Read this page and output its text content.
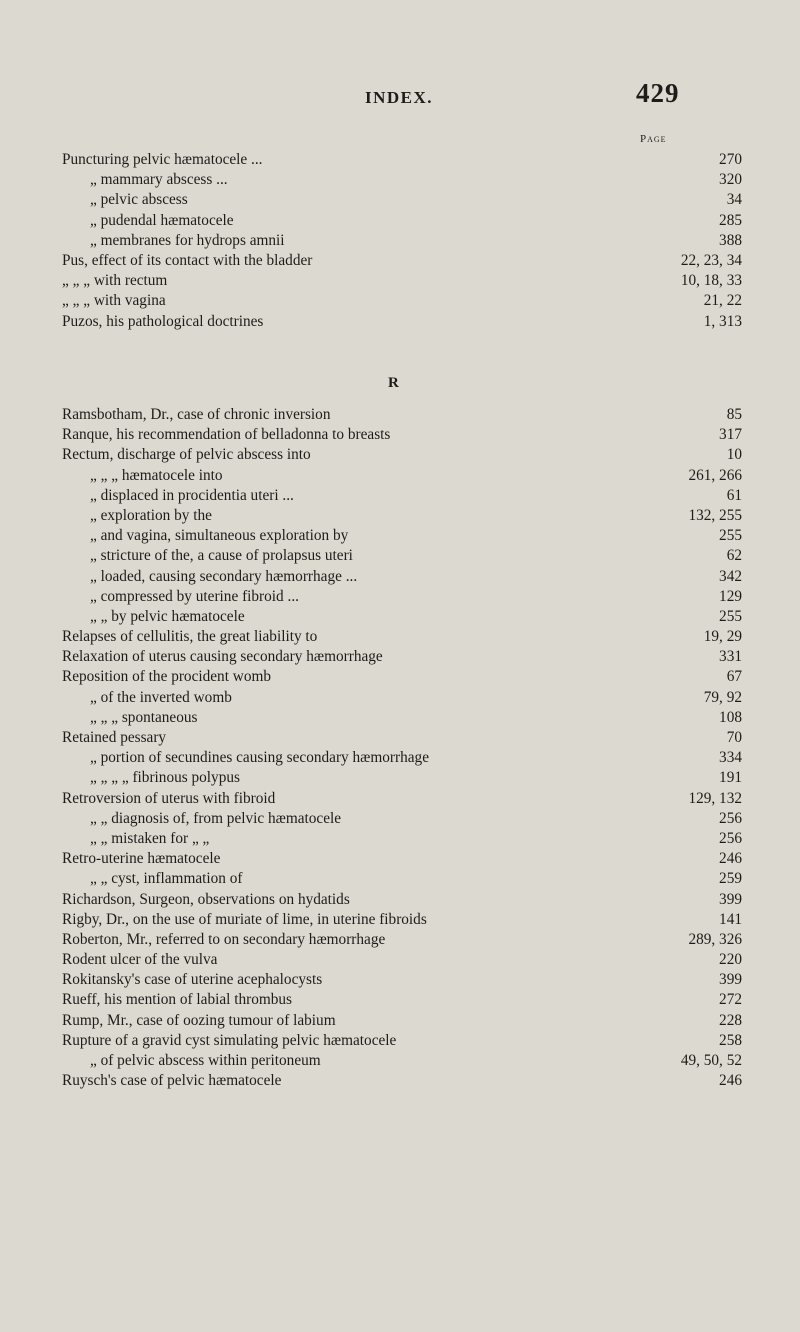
INDEX.	429
Page
Puncturing pelvic hæmatocele ...	270
„ mammary abscess ...	320
„ pelvic abscess	34
„ pudendal hæmatocele	285
„ membranes for hydrops amnii	388
Pus, effect of its contact with the bladder	22, 23, 34
„ „ „ with rectum	10, 18, 33
„ „ „ with vagina	21, 22
Puzos, his pathological doctrines	1, 313
R
Ramsbotham, Dr., case of chronic inversion	85
Ranque, his recommendation of belladonna to breasts	317
Rectum, discharge of pelvic abscess into	10
„ „ „ hæmatocele into	261, 266
„ displaced in procidentia uteri ...	61
„ exploration by the	132, 255
„ and vagina, simultaneous exploration by	255
„ stricture of the, a cause of prolapsus uteri	62
„ loaded, causing secondary hæmorrhage ...	342
„ compressed by uterine fibroid ...	129
„ „ by pelvic hæmatocele	255
Relapses of cellulitis, the great liability to	19, 29
Relaxation of uterus causing secondary hæmorrhage	331
Reposition of the procident womb	67
„ of the inverted womb	79, 92
„ „ „ spontaneous	108
Retained pessary	70
„ portion of secundines causing secondary hæmorrhage	334
„ „ „ „ fibrinous polypus	191
Retroversion of uterus with fibroid	129, 132
„ „ diagnosis of, from pelvic hæmatocele	256
„ „ mistaken for „ „	256
Retro-uterine hæmatocele	246
„ „ cyst, inflammation of	259
Richardson, Surgeon, observations on hydatids	399
Rigby, Dr., on the use of muriate of lime, in uterine fibroids	141
Roberton, Mr., referred to on secondary hæmorrhage	289, 326
Rodent ulcer of the vulva	220
Rokitansky's case of uterine acephalocysts	399
Rueff, his mention of labial thrombus	272
Rump, Mr., case of oozing tumour of labium	228
Rupture of a gravid cyst simulating pelvic hæmatocele	258
„ of pelvic abscess within peritoneum	49, 50, 52
Ruysch's case of pelvic hæmatocele	246
